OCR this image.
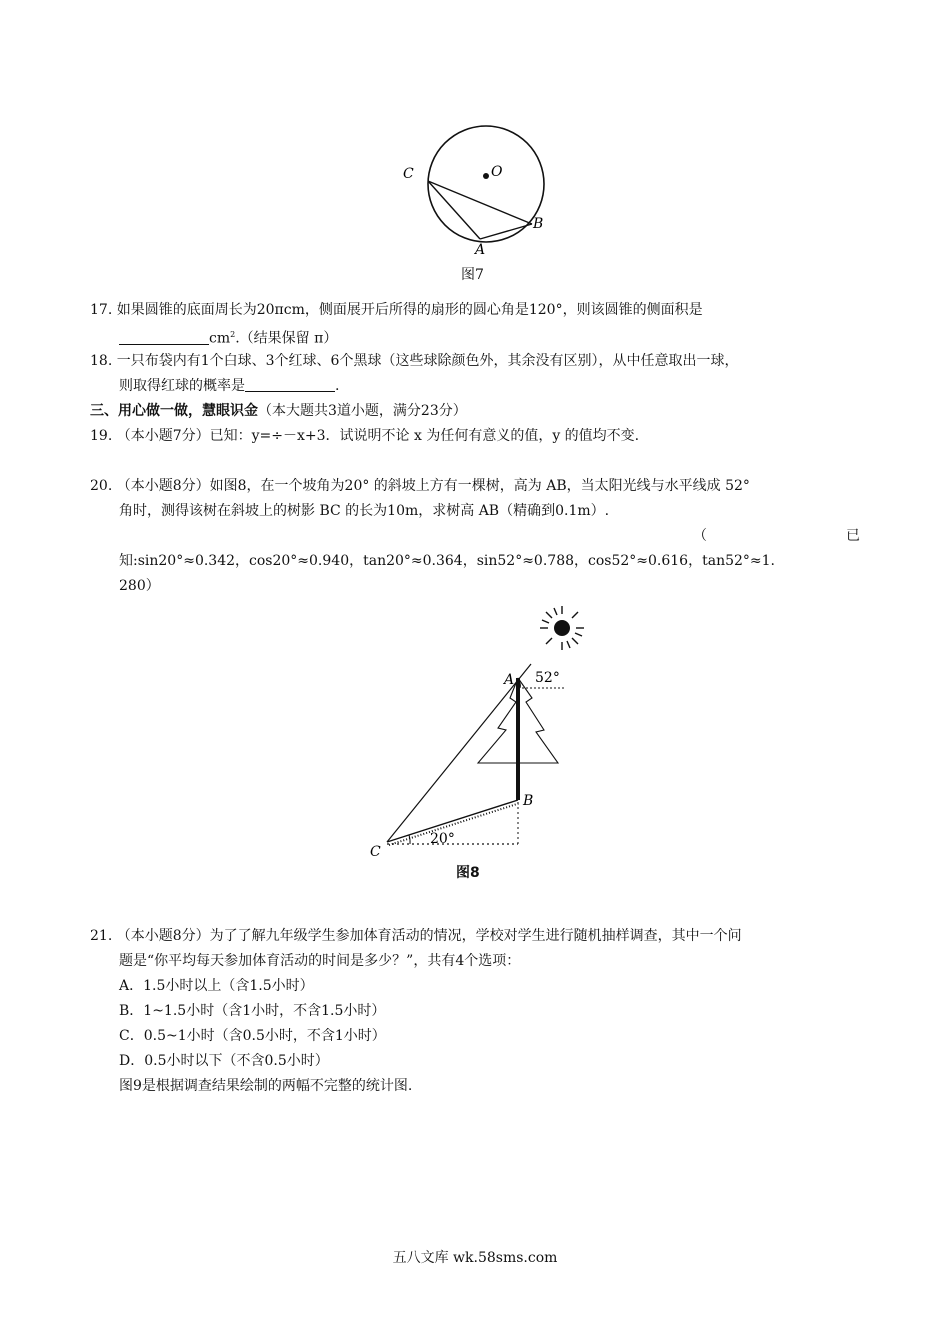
C	O
B
A
图7
17. 如果圆锥的底面周长为20πcm，侧面展开后所得的扇形的圆心角是120°，则该圆锥的侧面积是
$cm^2$.（结果保留 π）
18. 一只布袋内有1个白球、3个红球、6个黑球（这些球除颜色外，其余没有区别），从中任意取出一球，
则取得红球的概率是	.
三、用心做一做，慧眼识金（本大题共3道小题，满分23分）
19. （本小题7分）已知：y=÷－x+3．试说明不论 x 为任何有意义的值，y 的值均不变.
20. （本小题8分）如图8，在一个坡角为20° 的斜坡上方有一棵树，高为 AB，当太阳光线与水平线成 52°
角时，测得该树在斜坡上的树影 BC 的长为10m，求树高 AB（精确到0.1m）.
（	已
知:sin20°≈0.342，cos20°≈0.940，tan20°≈0.364，sin52°≈0.788，cos52°≈0.616，tan52°≈1.
280）
A 52°
B
C
20°
图8
21. （本小题8分）为了了解九年级学生参加体育活动的情况，学校对学生进行随机抽样调查，其中一个问
题是“你平均每天参加体育活动的时间是多少？”，共有4个选项：
A．1.5小时以上（含1.5小时）
B．1~1.5小时（含1小时，不含1.5小时）
C．0.5~1小时（含0.5小时，不含1小时）
D．0.5小时以下（不含0.5小时）
图9是根据调查结果绘制的两幅不完整的统计图.
五八文库 wk.58sms.com
